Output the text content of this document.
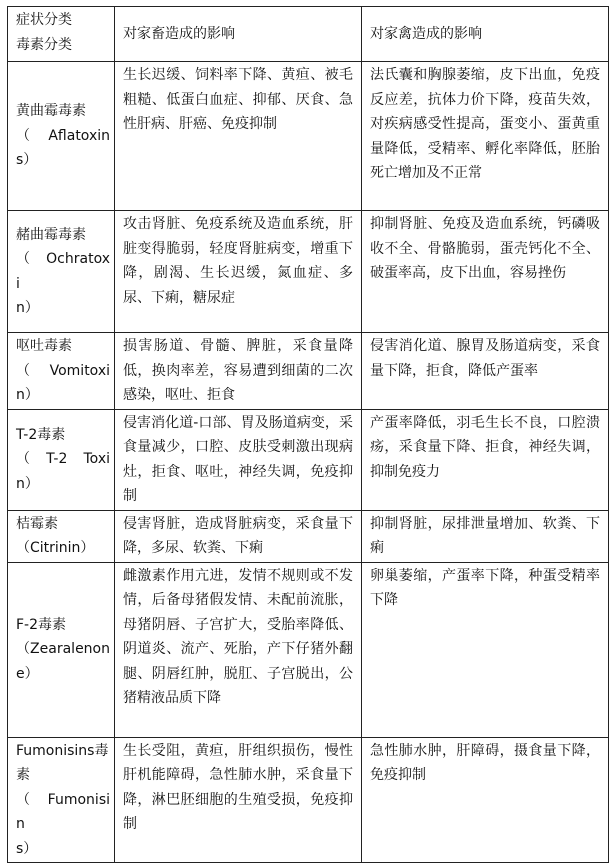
症状分类
毒素分类	对家畜造成的影响	对家禽造成的影响

黄曲霉毒素
（　Aflatoxin
s）	生长迟缓、饲料率下降、黄疸、被毛粗糙、低蛋白血症、抑郁、厌食、急性肝病、肝癌、免疫抑制	法氏囊和胸腺萎缩，皮下出血，免疫反应差，抗体力价下降，疫苗失效，对疾病感受性提高，蛋变小、蛋黄重量降低，受精率、孵化率降低，胚胎死亡增加及不正常

赭曲霉毒素
（　Ochratoxi
n）	攻击肾脏、免疫系统及造血系统，肝脏变得脆弱，轻度肾脏病变，增重下降，剧渴、生长迟缓，氮血症、多尿、下痢，糖尿症	抑制肾脏、免疫及造血系统，钙磷吸收不全、骨骼脆弱，蛋壳钙化不全、破蛋率高，皮下出血，容易挫伤

呕吐毒素
（　Vomitoxi
n）	损害肠道、骨髓、脾脏，采食量降低，换肉率差，容易遭到细菌的二次感染，呕吐、拒食	侵害消化道、腺胃及肠道病变，采食量下降，拒食，降低产蛋率

T-2毒素
（　T-2　Toxi
n）	侵害消化道-口部、胃及肠道病变，采食量减少，口腔、皮肤受刺激出现病灶，拒食、呕吐，神经失调，免疫抑制	产蛋率降低，羽毛生长不良，口腔溃疡，采食量下降、拒食，神经失调，抑制免疫力

桔霉素
（Citrinin）	侵害肾脏，造成肾脏病变，采食量下降，多尿、软粪、下痢	抑制肾脏，尿排泄量增加、软粪、下痢

F-2毒素
（Zearalenon
e）	雌激素作用亢进，发情不规则或不发情，后备母猪假发情、未配前流胀，母猪阴唇、子宫扩大，受胎率降低、阴道炎、流产、死胎，产下仔猪外翻腿、阴唇红肿，脱肛、子宫脱出，公猪精液品质下降	卵巢萎缩，产蛋率下降，种蛋受精率下降

Fumonisins毒素
（　Fumonisin
s）	生长受阻，黄疸，肝组织损伤，慢性肝机能障碍，急性肺水肿，采食量下降，淋巴胚细胞的生殖受损，免疫抑制	急性肺水肿，肝障碍，摄食量下降，免疫抑制
